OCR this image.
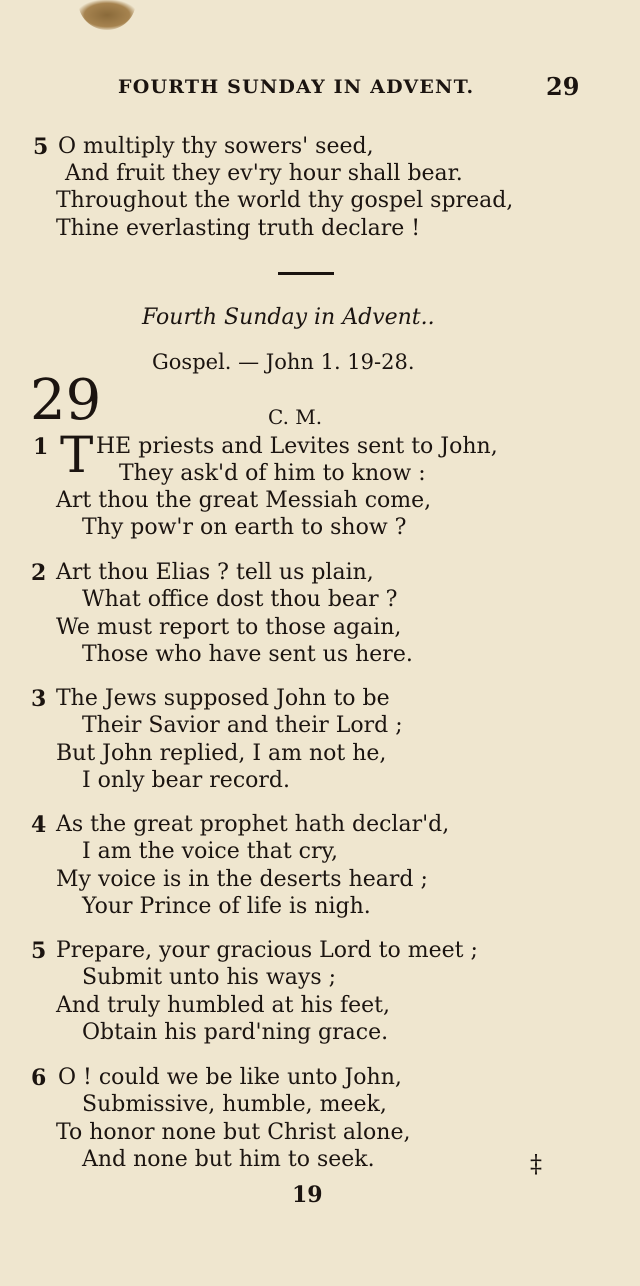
FOURTH SUNDAY IN ADVENT.	29
5 O multiply thy sowers' seed,
And fruit they ev'ry hour shall bear.
Throughout the world thy gospel spread,
Thine everlasting truth declare !
Fourth Sunday in Advent..
Gospel. — John 1. 19-28.
29	C. M.
1 T HE priests and Levites sent to John,
They ask'd of him to know :
Art thou the great Messiah come,
Thy pow'r on earth to show ?
2 Art thou Elias ? tell us plain,
What office dost thou bear ?
We must report to those again,
Those who have sent us here.
3 The Jews supposed John to be
Their Savior and their Lord ;
But John replied, I am not he,
I only bear record.
4 As the great prophet hath declar'd,
I am the voice that cry,
My voice is in the deserts heard ;
Your Prince of life is nigh.
5 Prepare, your gracious Lord to meet ;
Submit unto his ways ;
And truly humbled at his feet,
Obtain his pard'ning grace.
6 O ! could we be like unto John,
Submissive, humble, meek,
To honor none but Christ alone,
And none but him to seek.	‡
19
